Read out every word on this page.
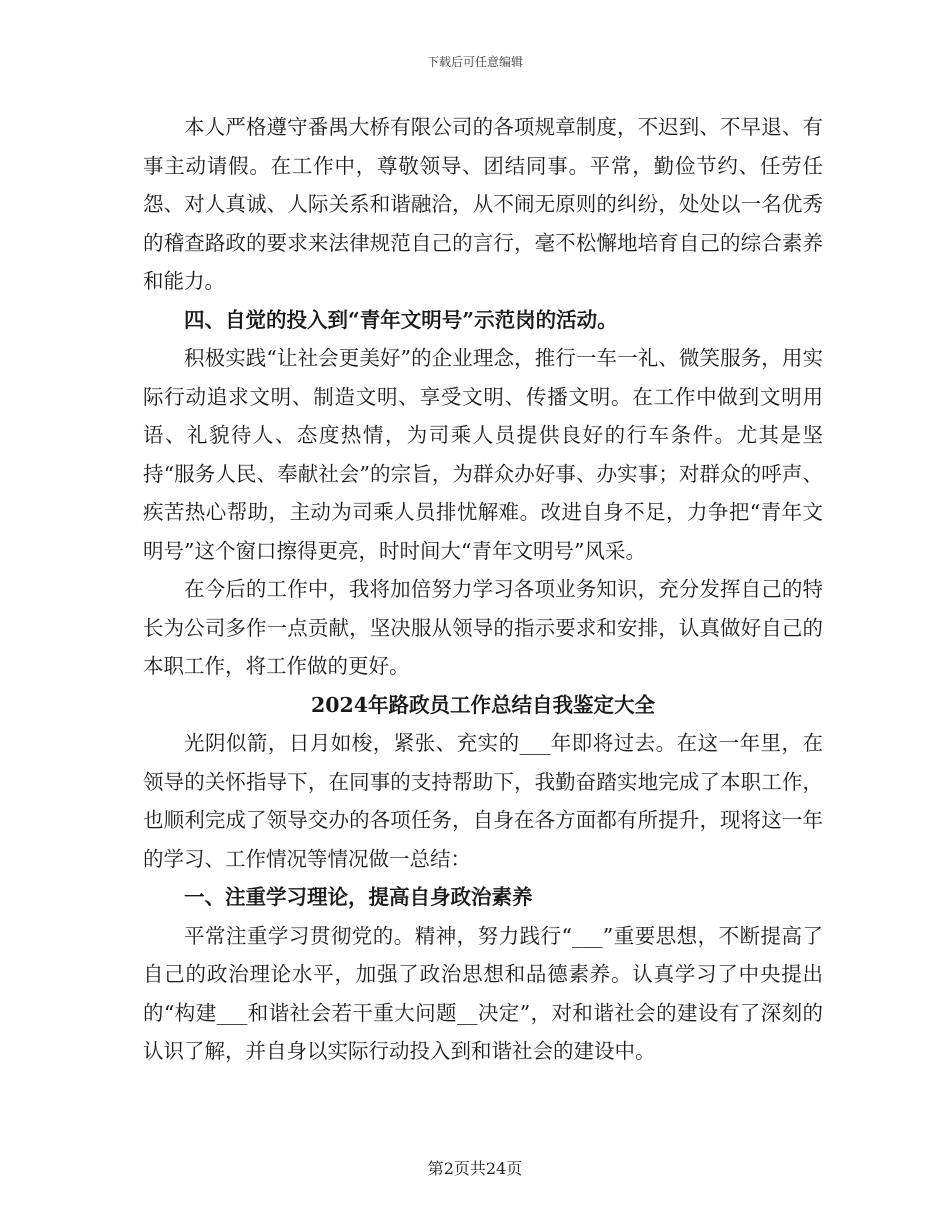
下载后可任意编辑

本人严格遵守番禺大桥有限公司的各项规章制度，不迟到、不早退、有事主动请假。在工作中，尊敬领导、团结同事。平常，勤俭节约、任劳任怨、对人真诚、人际关系和谐融洽，从不闹无原则的纠纷，处处以一名优秀的稽查路政的要求来法律规范自己的言行，毫不松懈地培育自己的综合素养和能力。

四、自觉的投入到“青年文明号”示范岗的活动。

积极实践“让社会更美好”的企业理念，推行一车一礼、微笑服务，用实际行动追求文明、制造文明、享受文明、传播文明。在工作中做到文明用语、礼貌待人、态度热情，为司乘人员提供良好的行车条件。尤其是坚持“服务人民、奉献社会”的宗旨，为群众办好事、办实事；对群众的呼声、疾苦热心帮助，主动为司乘人员排忧解难。改进自身不足，力争把“青年文明号”这个窗口擦得更亮，时时间大“青年文明号”风采。

在今后的工作中，我将加倍努力学习各项业务知识，充分发挥自己的特长为公司多作一点贡献，坚决服从领导的指示要求和安排，认真做好自己的本职工作，将工作做的更好。

2024年路政员工作总结自我鉴定大全

光阴似箭，日月如梭，紧张、充实的___年即将过去。在这一年里，在领导的关怀指导下，在同事的支持帮助下，我勤奋踏实地完成了本职工作，也顺利完成了领导交办的各项任务，自身在各方面都有所提升，现将这一年的学习、工作情况等情况做一总结：

一、注重学习理论，提高自身政治素养

平常注重学习贯彻党的。精神，努力践行“___”重要思想，不断提高了自己的政治理论水平，加强了政治思想和品德素养。认真学习了中央提出的“构建___和谐社会若干重大问题__决定”，对和谐社会的建设有了深刻的认识了解，并自身以实际行动投入到和谐社会的建设中。

第2页共24页
